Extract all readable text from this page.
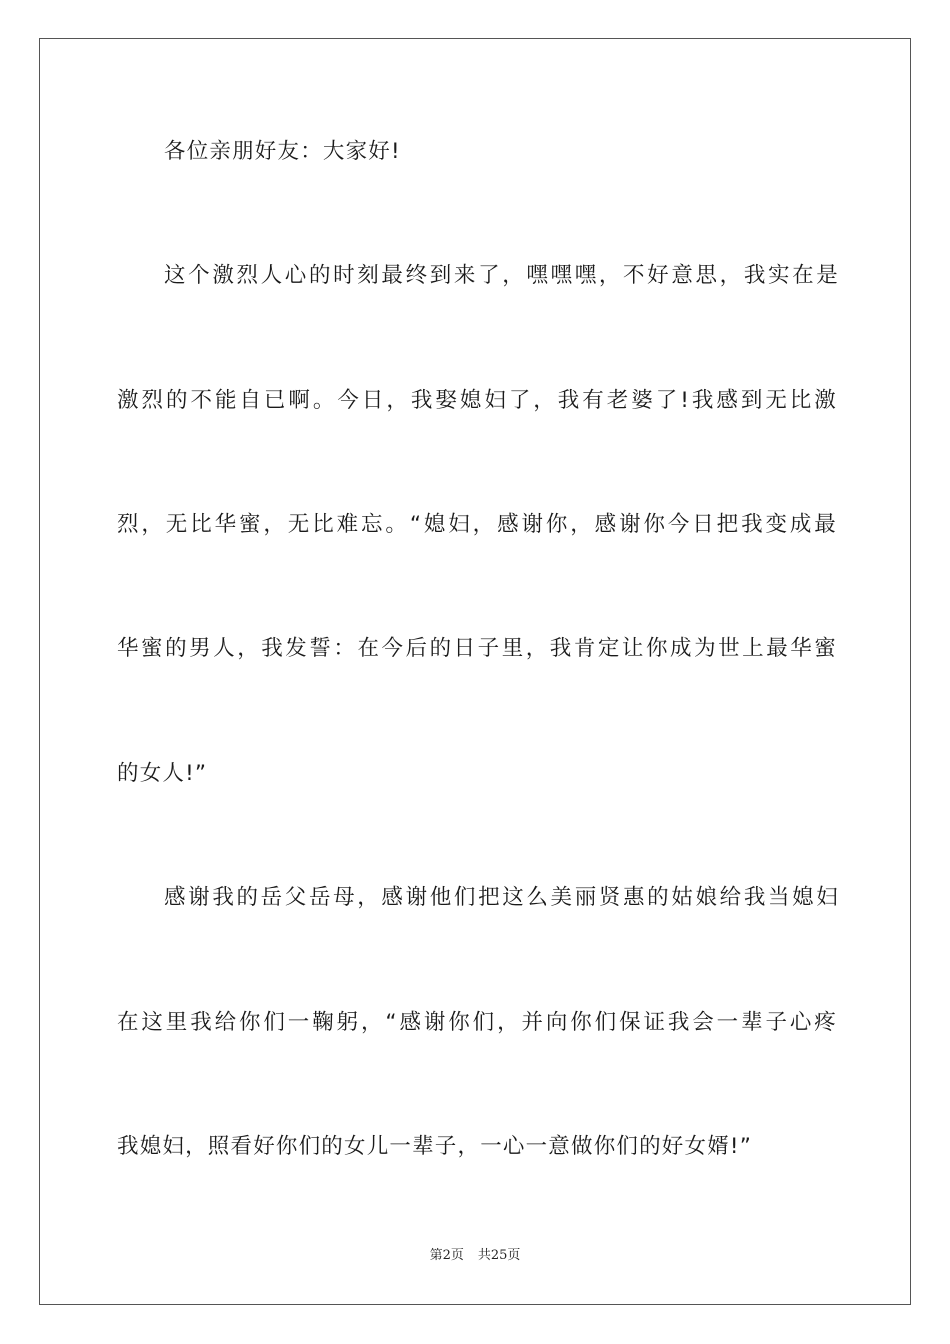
各位亲朋好友：大家好!
这个激烈人心的时刻最终到来了，嘿嘿嘿，不好意思，我实在是
激烈的不能自已啊。今日，我娶媳妇了，我有老婆了!我感到无比激
烈，无比华蜜，无比难忘。“媳妇，感谢你，感谢你今日把我变成最
华蜜的男人，我发誓：在今后的日子里，我肯定让你成为世上最华蜜
的女人!”
感谢我的岳父岳母，感谢他们把这么美丽贤惠的姑娘给我当媳妇
在这里我给你们一鞠躬，“感谢你们，并向你们保证我会一辈子心疼
我媳妇，照看好你们的女儿一辈子，一心一意做你们的好女婿!”
第2页 共25页
